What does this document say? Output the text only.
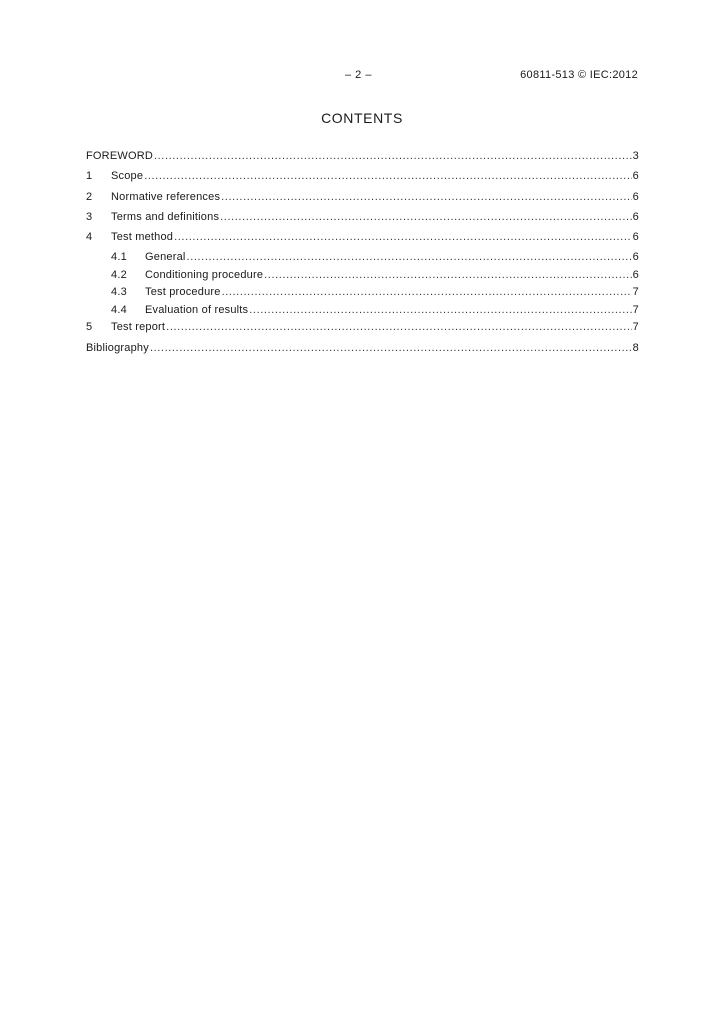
– 2 –	60811-513 © IEC:2012
CONTENTS
FOREWORD .....	3
1	Scope .....	6
2	Normative references .....	6
3	Terms and definitions .....	6
4	Test method .....	6
4.1	General .....	6
4.2	Conditioning procedure .....	6
4.3	Test procedure .....	7
4.4	Evaluation of results .....	7
5	Test report .....	7
Bibliography .....	8
